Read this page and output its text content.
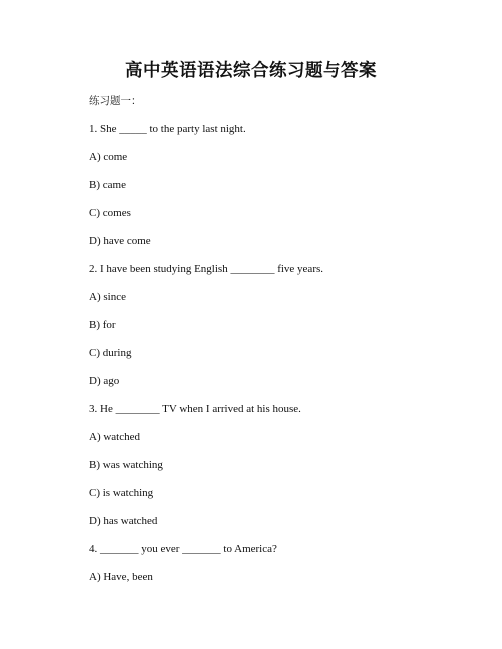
高中英语语法综合练习题与答案
练习题一：
1. She _____ to the party last night.
A) come
B) came
C) comes
D) have come
2. I have been studying English ________ five years.
A) since
B) for
C) during
D) ago
3. He ________ TV when I arrived at his house.
A) watched
B) was watching
C) is watching
D) has watched
4. _______ you ever _______ to America?
A) Have, been
